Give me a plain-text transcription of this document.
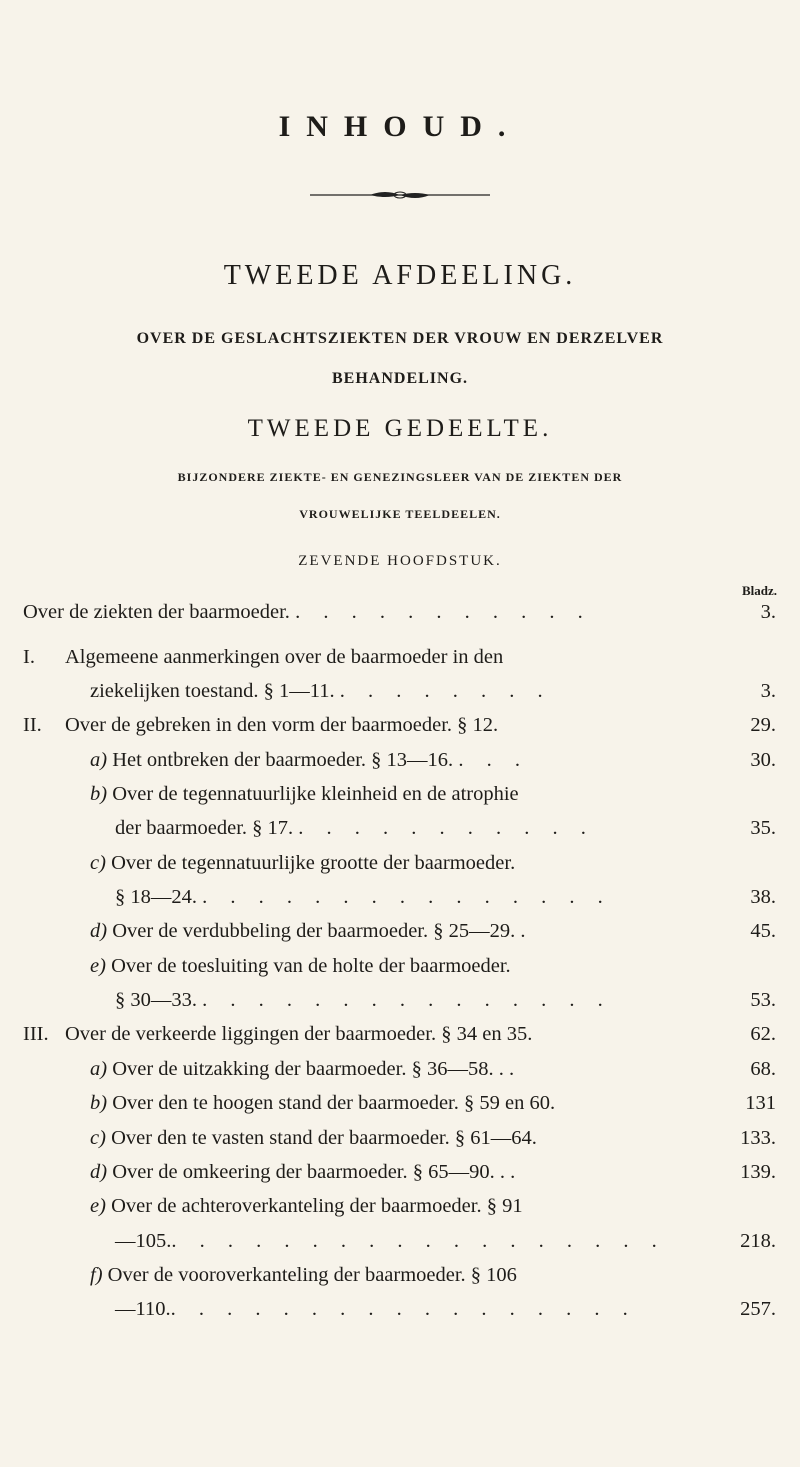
INHOUD.
TWEEDE AFDEELING.
OVER DE GESLACHTSZIEKTEN DER VROUW EN DERZELVER
BEHANDELING.
TWEEDE GEDEELTE.
BIJZONDERE ZIEKTE- EN GENEZINGSLEER VAN DE ZIEKTEN DER
VROUWELIJKE TEELDEELEN.
ZEVENDE HOOFDSTUK.
Bladz.
Over de ziekten der baarmoeder. . . . . . . . . . . .	3.
I. Algemeene aanmerkingen over de baarmoeder in den
ziekelijken toestand. § 1—11. . . . . . . . .	3.
II. Over de gebreken in den vorm der baarmoeder. § 12.	29.
a) Het ontbreken der baarmoeder. § 13—16. . . .	30.
b) Over de tegennatuurlijke kleinheid en de atrophie
der baarmoeder. § 17. . . . . . . . . . . .	35.
c) Over de tegennatuurlijke grootte der baarmoeder.
§ 18—24. . . . . . . . . . . . . . . .	38.
d) Over de verdubbeling der baarmoeder. § 25—29. .	45.
e) Over de toesluiting van de holte der baarmoeder.
§ 30—33. . . . . . . . . . . . . . . .	53.
III. Over de verkeerde liggingen der baarmoeder. § 34 en 35.	62.
a) Over de uitzakking der baarmoeder. § 36—58. . .	68.
b) Over den te hoogen stand der baarmoeder. § 59 en 60.	131
c) Over den te vasten stand der baarmoeder. § 61—64.	133.
d) Over de omkeering der baarmoeder. § 65—90. . .	139.
e) Over de achteroverkanteling der baarmoeder. § 91
—105.. . . . . . . . . . . . . . . . . .	218.
f) Over de vooroverkanteling der baarmoeder. § 106
—110.. . . . . . . . . . . . . . . . .	257.
